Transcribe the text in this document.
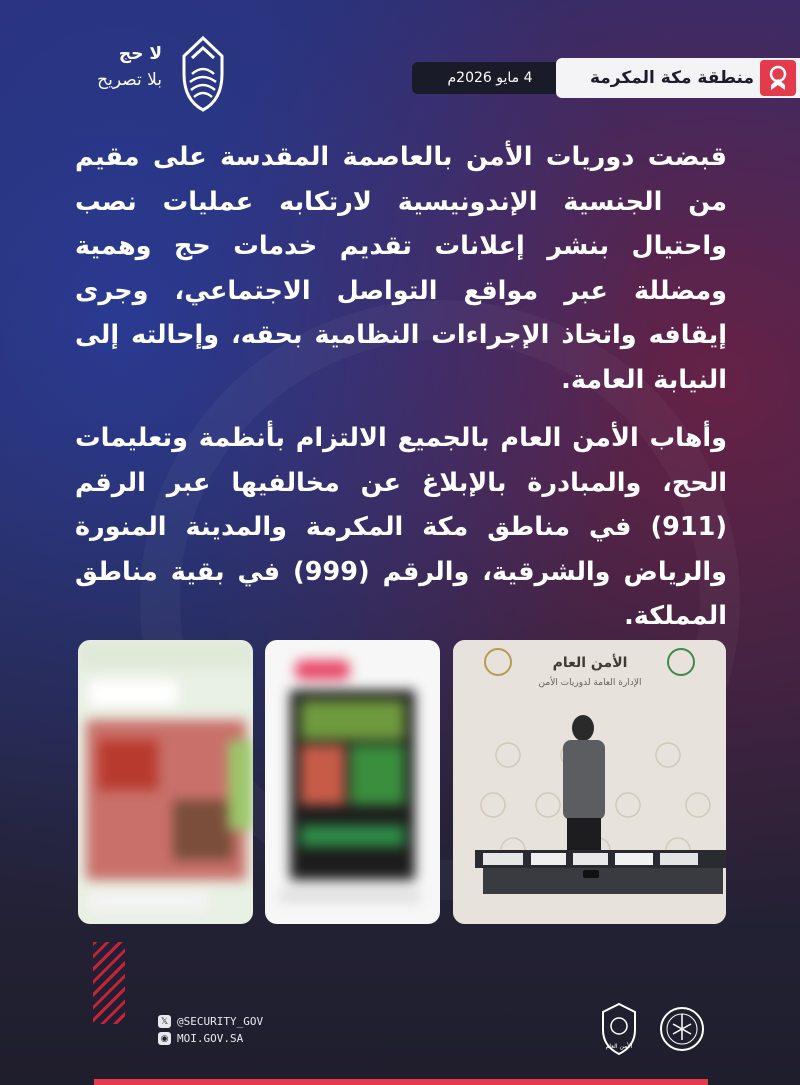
لا حج
بلا تصريح	4 مايو 2026م	منطقة مكة المكرمة

قبضت دوريات الأمن بالعاصمة المقدسة على مقيم من الجنسية الإندونيسية لارتكابه عمليات نصب واحتيال بنشر إعلانات تقديم خدمات حج وهمية ومضللة عبر مواقع التواصل الاجتماعي، وجرى إيقافه واتخاذ الإجراءات النظامية بحقه، وإحالته إلى النيابة العامة.

وأهاب الأمن العام بالجميع الالتزام بأنظمة وتعليمات الحج، والمبادرة بالإبلاغ عن مخالفيها عبر الرقم (911) في مناطق مكة المكرمة والمدينة المنورة والرياض والشرقية، والرقم (999) في بقية مناطق المملكة.

الأمن العام
الإدارة العامة لدوريات الأمن
𝕏 @SECURITY_GOV
◉ MOI.GOV.SA
الأمن العام
